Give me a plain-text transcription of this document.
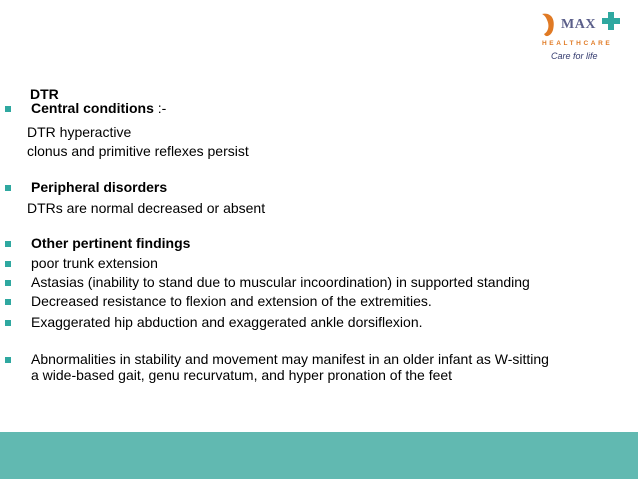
MAX
HEALTHCARE
Care for life
DTR
Central conditions :-
DTR hyperactive
clonus and primitive reflexes persist
Peripheral disorders
DTRs are normal decreased or absent
Other pertinent findings
poor trunk extension
Astasias (inability to stand due to muscular incoordination) in supported standing
Decreased resistance to flexion and extension of the extremities.
Exaggerated hip abduction and exaggerated ankle dorsiflexion.
Abnormalities in stability and movement may manifest in an older infant as W-sitting
a wide-based gait, genu recurvatum, and hyper pronation of the feet
